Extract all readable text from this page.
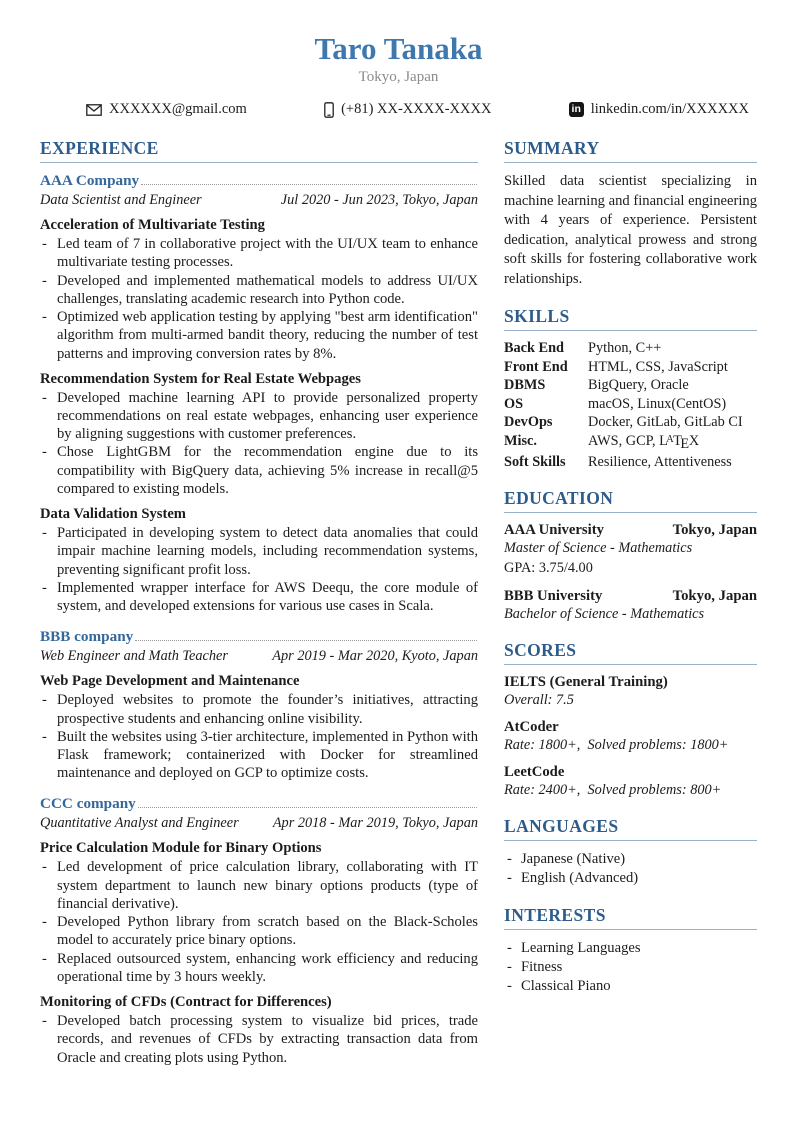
Taro Tanaka
Tokyo, Japan
XXXXXX@gmail.com	(+81) XX-XXXX-XXXX	in linkedin.com/in/XXXXXX
EXPERIENCE
AAA Company
Data Scientist and Engineer	Jul 2020 - Jun 2023, Tokyo, Japan
Acceleration of Multivariate Testing
- Led team of 7 in collaborative project with the UI/UX team to enhance multivariate testing processes.
- Developed and implemented mathematical models to address UI/UX challenges, translating academic research into Python code.
- Optimized web application testing by applying "best arm identification" algorithm from multi-armed bandit theory, reducing the number of test patterns and improving conversion rates by 8%.
Recommendation System for Real Estate Webpages
- Developed machine learning API to provide personalized property recommendations on real estate webpages, enhancing user experience by aligning suggestions with customer preferences.
- Chose LightGBM for the recommendation engine due to its compatibility with BigQuery data, achieving 5% increase in recall@5 compared to existing models.
Data Validation System
- Participated in developing system to detect data anomalies that could impair machine learning models, including recommendation systems, preventing significant profit loss.
- Implemented wrapper interface for AWS Deequ, the core module of system, and developed extensions for various use cases in Scala.
BBB company
Web Engineer and Math Teacher	Apr 2019 - Mar 2020, Kyoto, Japan
Web Page Development and Maintenance
- Deployed websites to promote the founder’s initiatives, attracting prospective students and enhancing online visibility.
- Built the websites using 3-tier architecture, implemented in Python with Flask framework; containerized with Docker for streamlined maintenance and deployed on GCP to optimize costs.
CCC company
Quantitative Analyst and Engineer Apr 2018 - Mar 2019, Tokyo, Japan
Price Calculation Module for Binary Options
- Led development of price calculation library, collaborating with IT system department to launch new binary options products (type of financial derivative).
- Developed Python library from scratch based on the Black-Scholes model to accurately price binary options.
- Replaced outsourced system, enhancing work efficiency and reducing operational time by 3 hours weekly.
Monitoring of CFDs (Contract for Differences)
- Developed batch processing system to visualize bid prices, trade records, and revenues of CFDs by extracting transaction data from Oracle and creating plots using Python.
SUMMARY

Skilled data scientist specializing in machine learning and financial engineering with 4 years of experience. Persistent dedication, analytical prowess and strong soft skills for fostering collaborative work relationships.

SKILLS
Back End	Python, C++
Front End	HTML, CSS, JavaScript
DBMS	BigQuery, Oracle
OS	macOS, Linux(CentOS)
DevOps	Docker, GitLab, GitLab CI
Misc.	AWS, GCP, $L^ATEX$
Soft Skills	Resilience, Attentiveness
EDUCATION
AAA University	Tokyo, Japan
Master of Science - Mathematics
GPA: 3.75/4.00
BBB University	Tokyo, Japan
Bachelor of Science - Mathematics
SCORES
IELTS (General Training)
Overall: 7.5
AtCoder
Rate: 1800+, Solved problems: 1800+
LeetCode
Rate: 2400+, Solved problems: 800+
LANGUAGES
- Japanese (Native)
- English (Advanced)
INTERESTS
- Learning Languages
- Fitness
- Classical Piano
